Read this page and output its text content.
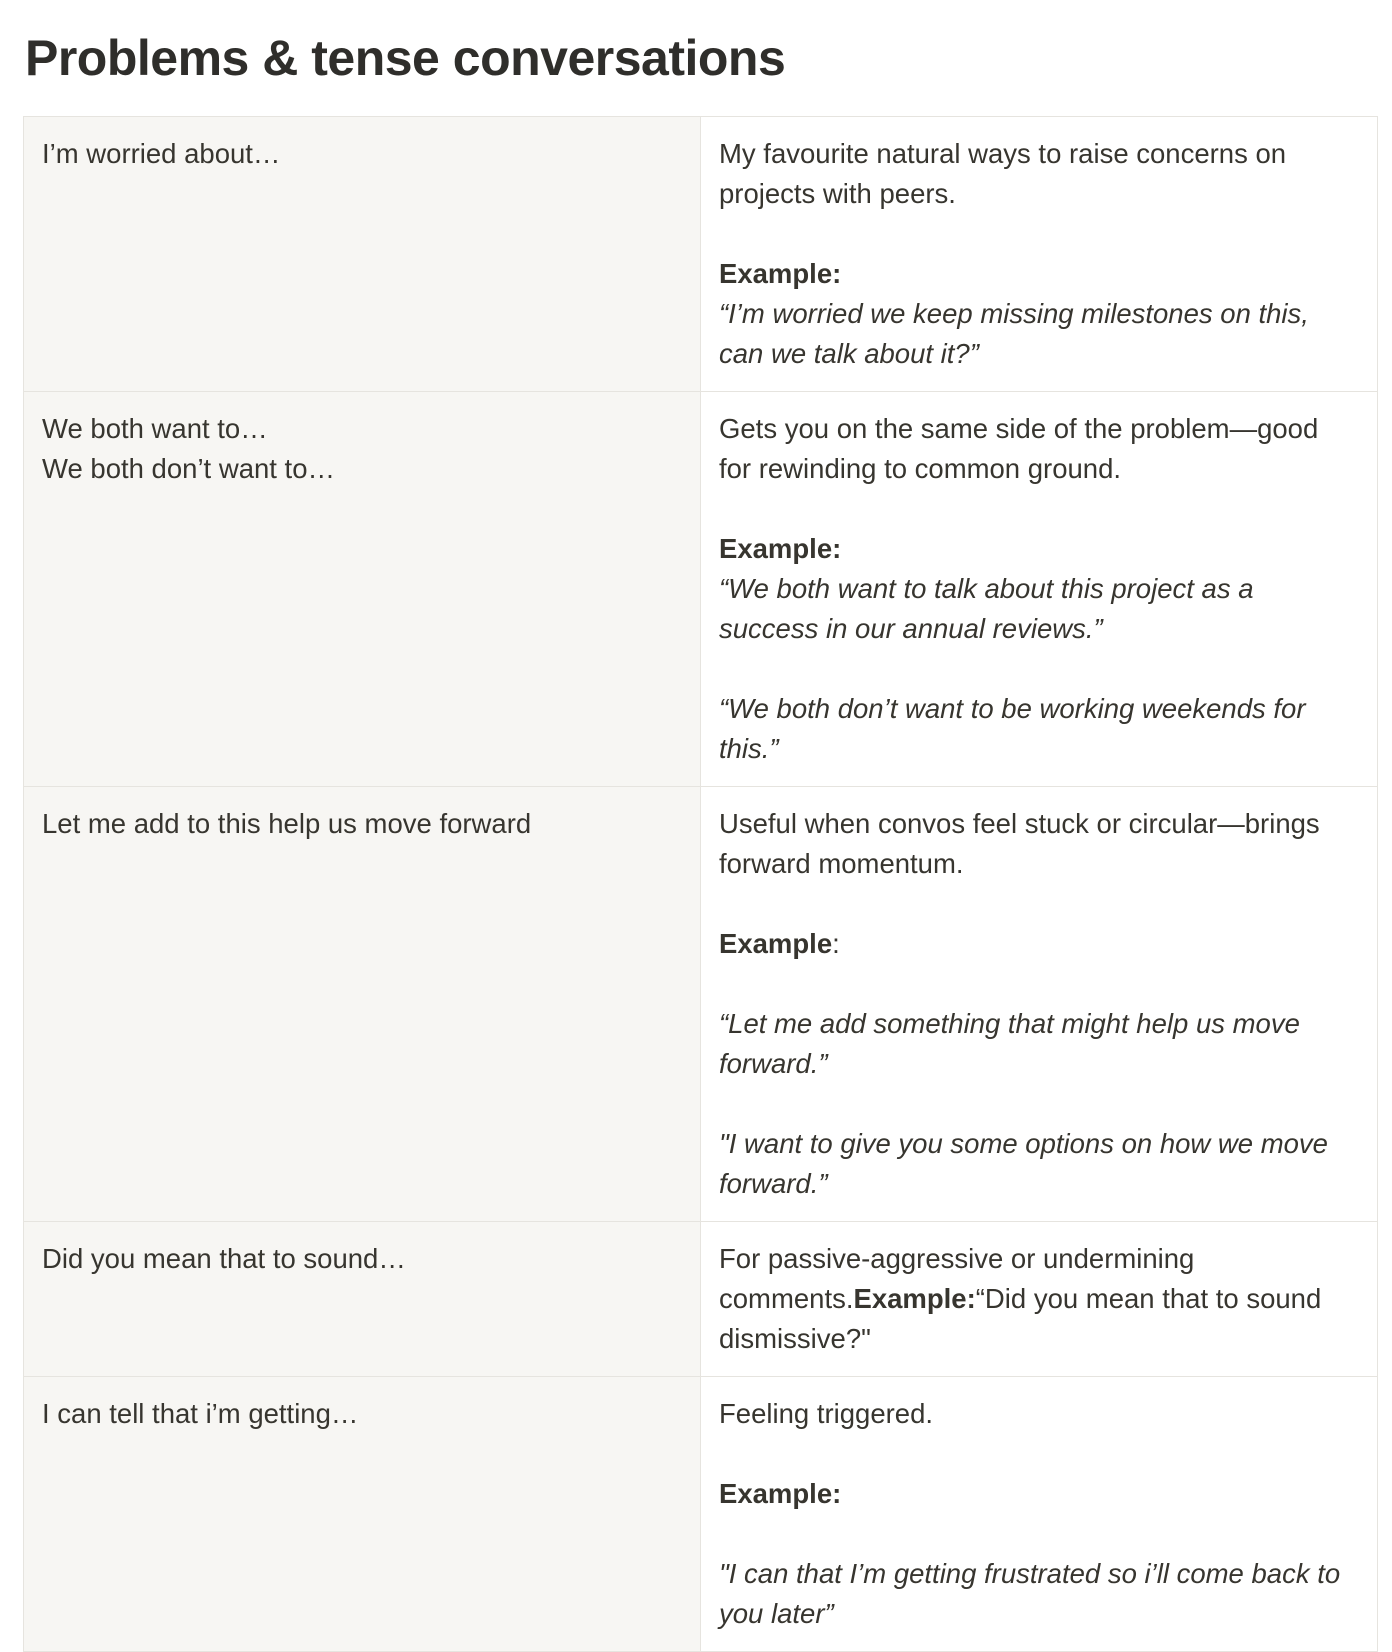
Problems & tense conversations
I’m worried about…	My favourite natural ways to raise concerns on projects with peers.
Example:
“I’m worried we keep missing milestones on this, can we talk about it?”

We both want to…
We both don’t want to…	Gets you on the same side of the problem—good for rewinding to common ground.
Example:
“We both want to talk about this project as a success in our annual reviews.”
“We both don’t want to be working weekends for this.”

Let me add to this help us move forward	Useful when convos feel stuck or circular—brings forward momentum.
Example:
“Let me add something that might help us move forward.”
"I want to give you some options on how we move forward.”

Did you mean that to sound…	For passive-aggressive or undermining comments.Example:“Did you mean that to sound dismissive?"

I can tell that i’m getting…	Feeling triggered.
Example:
"I can that I’m getting frustrated so i’ll come back to you later”
